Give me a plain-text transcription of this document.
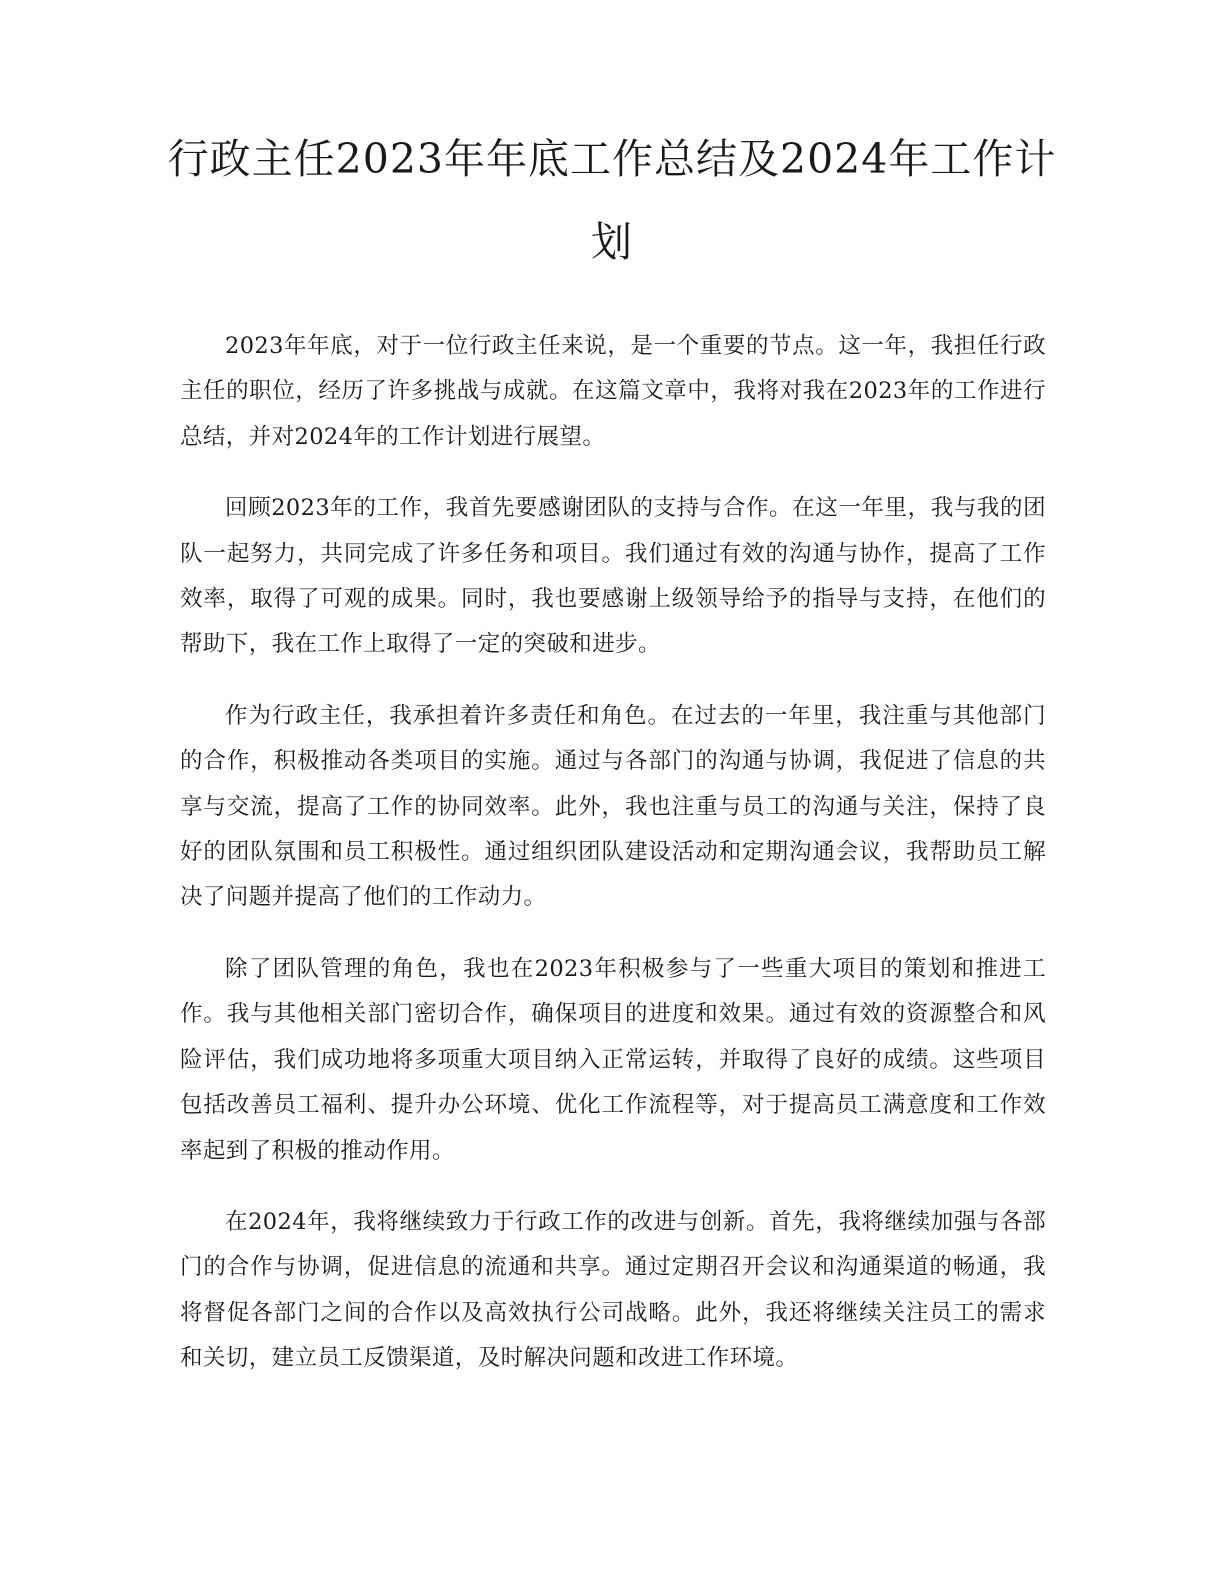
行政主任2023年年底工作总结及2024年工作计划

2023年年底，对于一位行政主任来说，是一个重要的节点。这一年，我担任行政主任的职位，经历了许多挑战与成就。在这篇文章中，我将对我在2023年的工作进行总结，并对2024年的工作计划进行展望。

回顾2023年的工作，我首先要感谢团队的支持与合作。在这一年里，我与我的团队一起努力，共同完成了许多任务和项目。我们通过有效的沟通与协作，提高了工作效率，取得了可观的成果。同时，我也要感谢上级领导给予的指导与支持，在他们的帮助下，我在工作上取得了一定的突破和进步。

作为行政主任，我承担着许多责任和角色。在过去的一年里，我注重与其他部门的合作，积极推动各类项目的实施。通过与各部门的沟通与协调，我促进了信息的共享与交流，提高了工作的协同效率。此外，我也注重与员工的沟通与关注，保持了良好的团队氛围和员工积极性。通过组织团队建设活动和定期沟通会议，我帮助员工解决了问题并提高了他们的工作动力。

除了团队管理的角色，我也在2023年积极参与了一些重大项目的策划和推进工作。我与其他相关部门密切合作，确保项目的进度和效果。通过有效的资源整合和风险评估，我们成功地将多项重大项目纳入正常运转，并取得了良好的成绩。这些项目包括改善员工福利、提升办公环境、优化工作流程等，对于提高员工满意度和工作效率起到了积极的推动作用。

在2024年，我将继续致力于行政工作的改进与创新。首先，我将继续加强与各部门的合作与协调，促进信息的流通和共享。通过定期召开会议和沟通渠道的畅通，我将督促各部门之间的合作以及高效执行公司战略。此外，我还将继续关注员工的需求和关切，建立员工反馈渠道，及时解决问题和改进工作环境。
